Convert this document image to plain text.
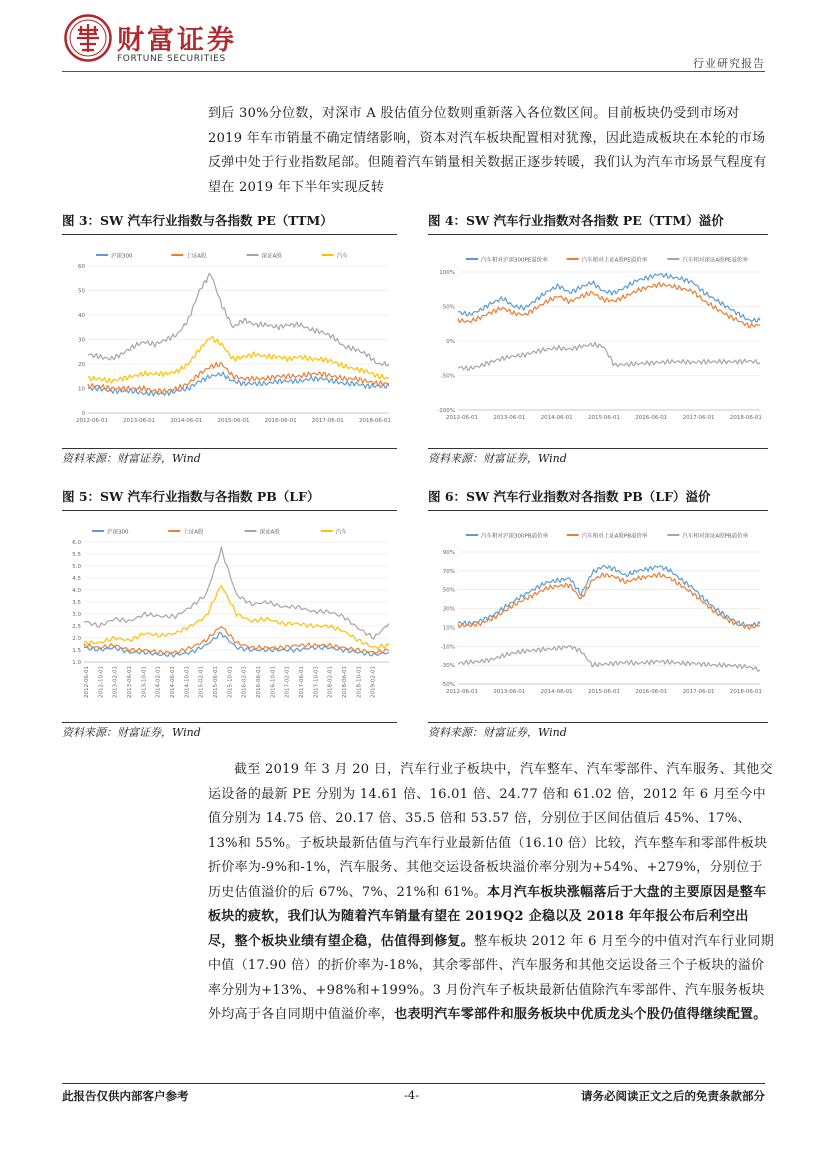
财富证券
FORTUNE SECURITIES	行业研究报告

到后 30%分位数，对深市 A 股估值分位数则重新落入各位数区间。目前板块仍受到市场对 2019 年车市销量不确定情绪影响，资本对汽车板块配置相对犹豫，因此造成板块在本轮的市场反弹中处于行业指数尾部。但随着汽车销量相关数据正逐步转暖，我们认为汽车市场景气程度有望在 2019 年下半年实现反转

图 3：SW 汽车行业指数与各指数 PE（TTM）	图 4：SW 汽车行业指数对各指数 PE（TTM）溢价
图 5：SW 汽车行业指数与各指数 PB（LF）	图 6：SW 汽车行业指数对各指数 PB（LF）溢价
沪深300	上证A股	深证A股	汽车
0
10
20
30
40
50
60
2012-06-01	2013-06-01	2014-06-01	2015-06-01	2016-06-01	2017-06-01	2018-06-01
汽车相对沪深300PE溢价率	汽车相对上证A股PE溢价率	汽车相对深证A股PE溢价率
-100%
-50%
0%
50%
100%
2012-06-01	2013-06-01	2014-06-01	2015-06-01	2016-06-01	2017-06-01	2018-06-01
沪深300	上证A股	深证A股	汽车
1.0
1.5
2.0
2.5
3.0
3.5
4.0
4.5
5.0
5.5
6.0
2012-06-01 2012-10-01 2013-02-01 2013-06-01 2013-10-01 2014-02-01 2014-06-01 2014-10-01 2015-02-01 2015-06-01 2015-10-01 2016-02-01 2016-06-01 2016-10-01 2017-02-01 2017-06-01 2017-10-01 2018-02-01 2018-06-01 2018-10-01 2019-02-01
汽车相对沪深300PB溢价率	汽车相对上证A股PB溢价率	汽车相对深证A股PB溢价率
-50%
-30%
-10%
10%
30%
50%
70%
90%
2012-06-01	2013-06-01	2014-06-01	2015-06-01	2016-06-01	2017-06-01	2018-06-01
资料来源：财富证券，Wind	资料来源：财富证券，Wind
资料来源：财富证券，Wind	资料来源：财富证券，Wind

截至 2019 年 3 月 20 日，汽车行业子板块中，汽车整车、汽车零部件、汽车服务、其他交运设备的最新 PE 分别为 14.61 倍、16.01 倍、24.77 倍和 61.02 倍，2012 年 6 月至今中值分别为 14.75 倍、20.17 倍、35.5 倍和 53.57 倍，分别位于区间估值后 45%、17%、13%和 55%。子板块最新估值与汽车行业最新估值（16.10 倍）比较，汽车整车和零部件板块折价率为-9%和-1%，汽车服务、其他交运设备板块溢价率分别为+54%、+279%，分别位于历史估值溢价的后 67%、7%、21%和 61%。本月汽车板块涨幅落后于大盘的主要原因是整车板块的疲软，我们认为随着汽车销量有望在 2019Q2 企稳以及 2018 年年报公布后利空出尽，整个板块业绩有望企稳，估值得到修复。整车板块 2012 年 6 月至今的中值对汽车行业同期中值（17.90 倍）的折价率为-18%，其余零部件、汽车服务和其他交运设备三个子板块的溢价率分别为+13%、+98%和+199%。3 月份汽车子板块最新估值除汽车零部件、汽车服务板块外均高于各自同期中值溢价率，也表明汽车零部件和服务板块中优质龙头个股仍值得继续配置。

此报告仅供内部客户参考	-4-	请务必阅读正文之后的免责条款部分
